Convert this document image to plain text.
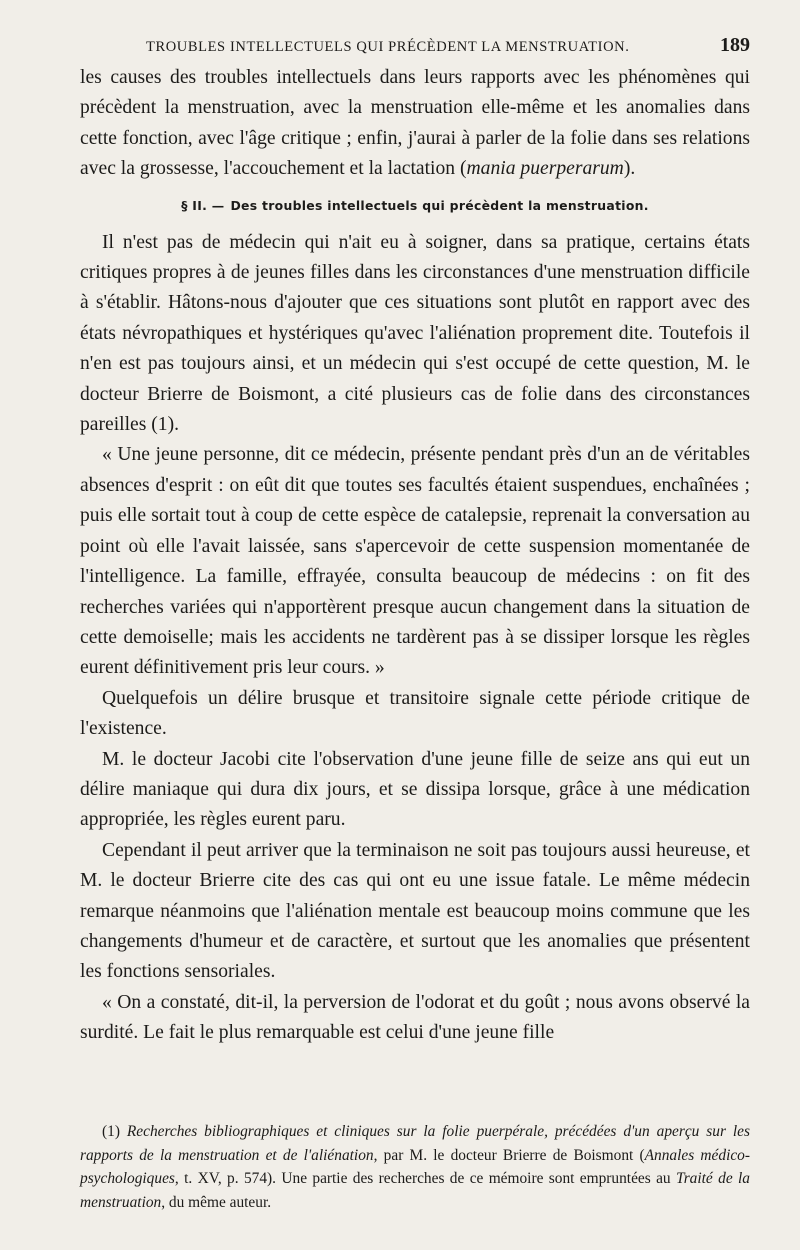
TROUBLES INTELLECTUELS QUI PRÉCÈDENT LA MENSTRUATION.	189

les causes des troubles intellectuels dans leurs rapports avec les phénomènes qui précèdent la menstruation, avec la menstruation elle-même et les anomalies dans cette fonction, avec l'âge critique ; enfin, j'aurai à parler de la folie dans ses relations avec la grossesse, l'accouchement et la lactation (mania puerperarum).

§ II. — Des troubles intellectuels qui précèdent la menstruation.

Il n'est pas de médecin qui n'ait eu à soigner, dans sa pratique, certains états critiques propres à de jeunes filles dans les circonstances d'une menstruation difficile à s'établir. Hâtons-nous d'ajouter que ces situations sont plutôt en rapport avec des états névropathiques et hystériques qu'avec l'aliénation proprement dite. Toutefois il n'en est pas toujours ainsi, et un médecin qui s'est occupé de cette question, M. le docteur Brierre de Boismont, a cité plusieurs cas de folie dans des circonstances pareilles (1).

« Une jeune personne, dit ce médecin, présente pendant près d'un an de véritables absences d'esprit : on eût dit que toutes ses facultés étaient suspendues, enchaînées ; puis elle sortait tout à coup de cette espèce de catalepsie, reprenait la conversation au point où elle l'avait laissée, sans s'apercevoir de cette suspension momentanée de l'intelligence. La famille, effrayée, consulta beaucoup de médecins : on fit des recherches variées qui n'apportèrent presque aucun changement dans la situation de cette demoiselle; mais les accidents ne tardèrent pas à se dissiper lorsque les règles eurent définitivement pris leur cours. »

Quelquefois un délire brusque et transitoire signale cette période critique de l'existence.

M. le docteur Jacobi cite l'observation d'une jeune fille de seize ans qui eut un délire maniaque qui dura dix jours, et se dissipa lorsque, grâce à une médication appropriée, les règles eurent paru.

Cependant il peut arriver que la terminaison ne soit pas toujours aussi heureuse, et M. le docteur Brierre cite des cas qui ont eu une issue fatale. Le même médecin remarque néanmoins que l'aliénation mentale est beaucoup moins commune que les changements d'humeur et de caractère, et surtout que les anomalies que présentent les fonctions sensoriales.

« On a constaté, dit-il, la perversion de l'odorat et du goût ; nous avons observé la surdité. Le fait le plus remarquable est celui d'une jeune fille

(1) Recherches bibliographiques et cliniques sur la folie puerpérale, précédées d'un aperçu sur les rapports de la menstruation et de l'aliénation, par M. le docteur Brierre de Boismont (Annales médico-psychologiques, t. XV, p. 574). Une partie des recherches de ce mémoire sont empruntées au Traité de la menstruation, du même auteur.
